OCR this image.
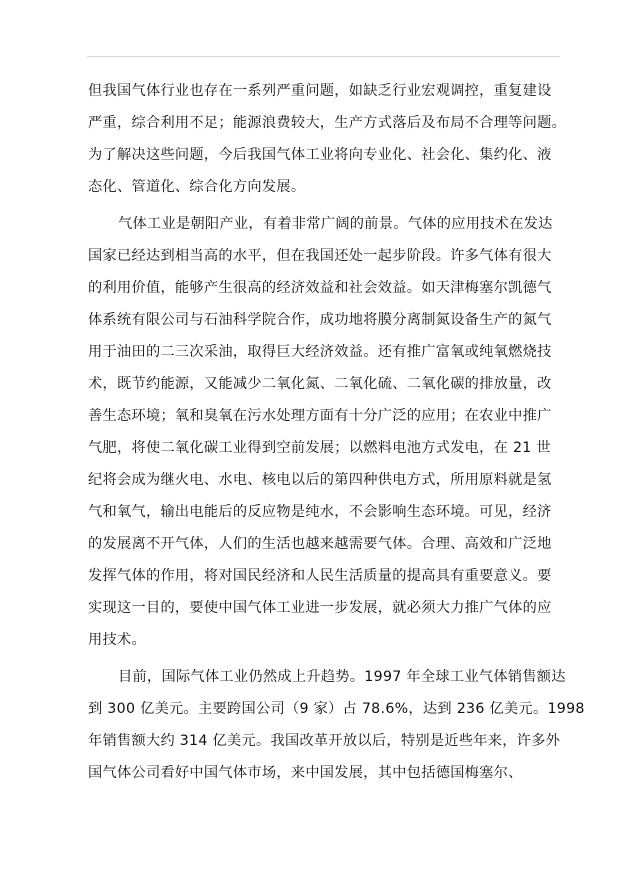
但我国气体行业也存在一系列严重问题，如缺乏行业宏观调控，重复建设
严重，综合利用不足；能源浪费较大，生产方式落后及布局不合理等问题。
为了解决这些问题，今后我国气体工业将向专业化、社会化、集约化、液
态化、管道化、综合化方向发展。
气体工业是朝阳产业，有着非常广阔的前景。气体的应用技术在发达
国家已经达到相当高的水平，但在我国还处一起步阶段。许多气体有很大
的利用价值，能够产生很高的经济效益和社会效益。如天津梅塞尔凯德气
体系统有限公司与石油科学院合作，成功地将膜分离制氮设备生产的氮气
用于油田的二三次采油，取得巨大经济效益。还有推广富氧或纯氧燃烧技
术，既节约能源，又能减少二氧化氮、二氧化硫、二氧化碳的排放量，改
善生态环境；氧和臭氧在污水处理方面有十分广泛的应用；在农业中推广
气肥，将使二氧化碳工业得到空前发展；以燃料电池方式发电，在 21 世
纪将会成为继火电、水电、核电以后的第四种供电方式，所用原料就是氢
气和氧气，输出电能后的反应物是纯水，不会影响生态环境。可见，经济
的发展离不开气体，人们的生活也越来越需要气体。合理、高效和广泛地
发挥气体的作用，将对国民经济和人民生活质量的提高具有重要意义。要
实现这一目的，要使中国气体工业进一步发展，就必须大力推广气体的应
用技术。
目前，国际气体工业仍然成上升趋势。1997 年全球工业气体销售额达
到 300 亿美元。主要跨国公司（9 家）占 78.6%，达到 236 亿美元。1998
年销售额大约 314 亿美元。我国改革开放以后，特别是近些年来，许多外
国气体公司看好中国气体市场，来中国发展，其中包括德国梅塞尔、
